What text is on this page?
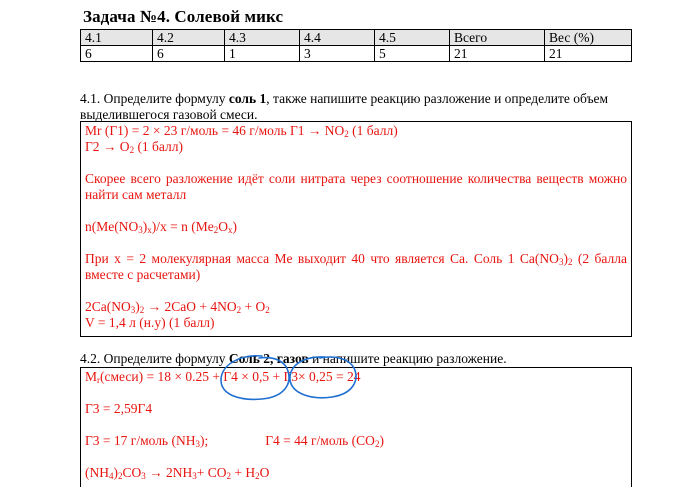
Задача №4. Солевой микс
4.1	4.2	4.3	4.4	4.5	Всего	Вес (%)
6	6	1	3	5	21	21
4.1. Определите формулу соль 1, также напишите реакцию разложение и определите объем выделившегося газовой смеси.
Mr (Г1) = 2 × 23 г/моль = 46 г/моль $Г1 \to NO_2$ (1 балл)
$Г2 \to O_2$ (1 балл)
Скорее всего разложение идёт соли нитрата через соотношение количества веществ можно найти сам металл
$n(Me(NO_3)_x)/x = n$ $(Me_2O_x)$
При x = 2 молекулярная масса Me выходит 40 что является Ca. Соль 1 $Ca(NO_3)_2$ (2 балла вместе с расчетами)
$2Ca(NO_3)_2 \to 2CaO + 4NO_2 + O_2$
V = 1,4 л (н.у) (1 балл)
4.2. Определите формулу Соль 2, газов и напишите реакцию разложение.
$M_r(смеси) = 18 \times 0.25 + Г4 \times 0,5 + Г3\times 0,25 = 24$
Г3 = 2,59Г4
Г3 = 17 г/моль $(NH_3)$;	Г4 = 44 г/моль $(CO_2)$
$(NH_4)_2CO_3 \to 2NH_3+ CO_2 + H_2O$
